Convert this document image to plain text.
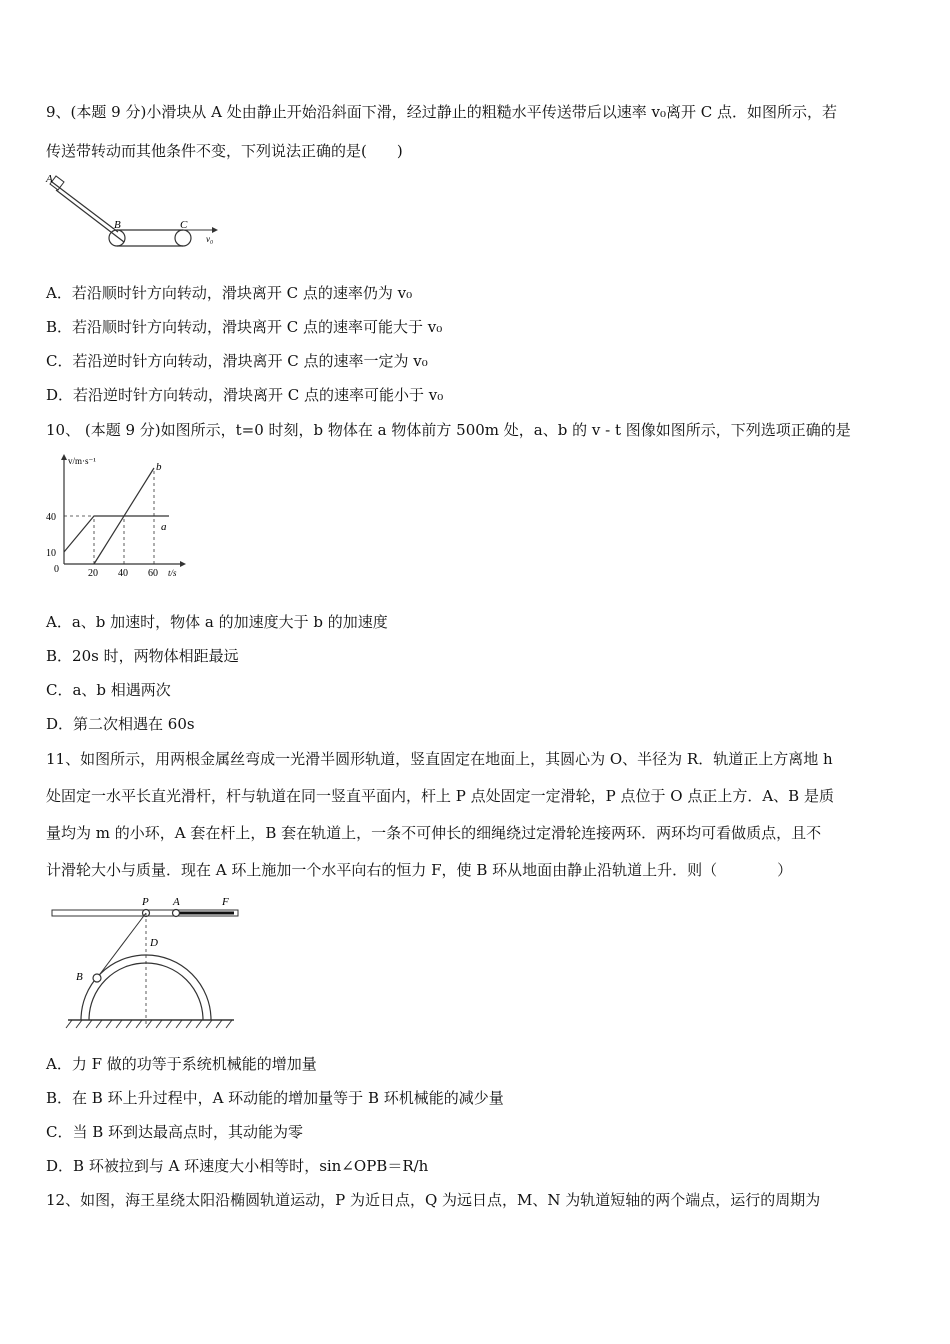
9、(本题 9 分)小滑块从 A 处由静止开始沿斜面下滑，经过静止的粗糙水平传送带后以速率 v₀离开 C 点．如图所示，若
传送带转动而其他条件不变，下列说法正确的是(　　)
A
B	C
v₀
A．若沿顺时针方向转动，滑块离开 C 点的速率仍为 v₀
B．若沿顺时针方向转动，滑块离开 C 点的速率可能大于 v₀
C．若沿逆时针方向转动，滑块离开 C 点的速率一定为 v₀
D．若沿逆时针方向转动，滑块离开 C 点的速率可能小于 v₀
10、 (本题 9 分)如图所示，t=0 时刻，b 物体在 a 物体前方 500m 处，a、b 的 v - t 图像如图所示，下列选项正确的是
v/m·s⁻¹
t/s
0	20 40 60
10
40
a
b
A．a、b 加速时，物体 a 的加速度大于 b 的加速度
B．20s 时，两物体相距最远
C．a、b 相遇两次
D．第二次相遇在 60s
11、如图所示，用两根金属丝弯成一光滑半圆形轨道，竖直固定在地面上，其圆心为 O、半径为 R．轨道正上方离地 h
处固定一水平长直光滑杆，杆与轨道在同一竖直平面内，杆上 P 点处固定一定滑轮，P 点位于 O 点正上方．A、B 是质
量均为 m 的小环，A 套在杆上，B 套在轨道上，一条不可伸长的细绳绕过定滑轮连接两环．两环均可看做质点，且不
计滑轮大小与质量．现在 A 环上施加一个水平向右的恒力 F，使 B 环从地面由静止沿轨道上升．则（　　　　）
P A	F
D
B
A．力 F 做的功等于系统机械能的增加量
B．在 B 环上升过程中，A 环动能的增加量等于 B 环机械能的减少量
C．当 B 环到达最高点时，其动能为零
D．B 环被拉到与 A 环速度大小相等时，sin∠OPB＝R/h
12、如图，海王星绕太阳沿椭圆轨道运动，P 为近日点，Q 为远日点，M、N 为轨道短轴的两个端点，运行的周期为
